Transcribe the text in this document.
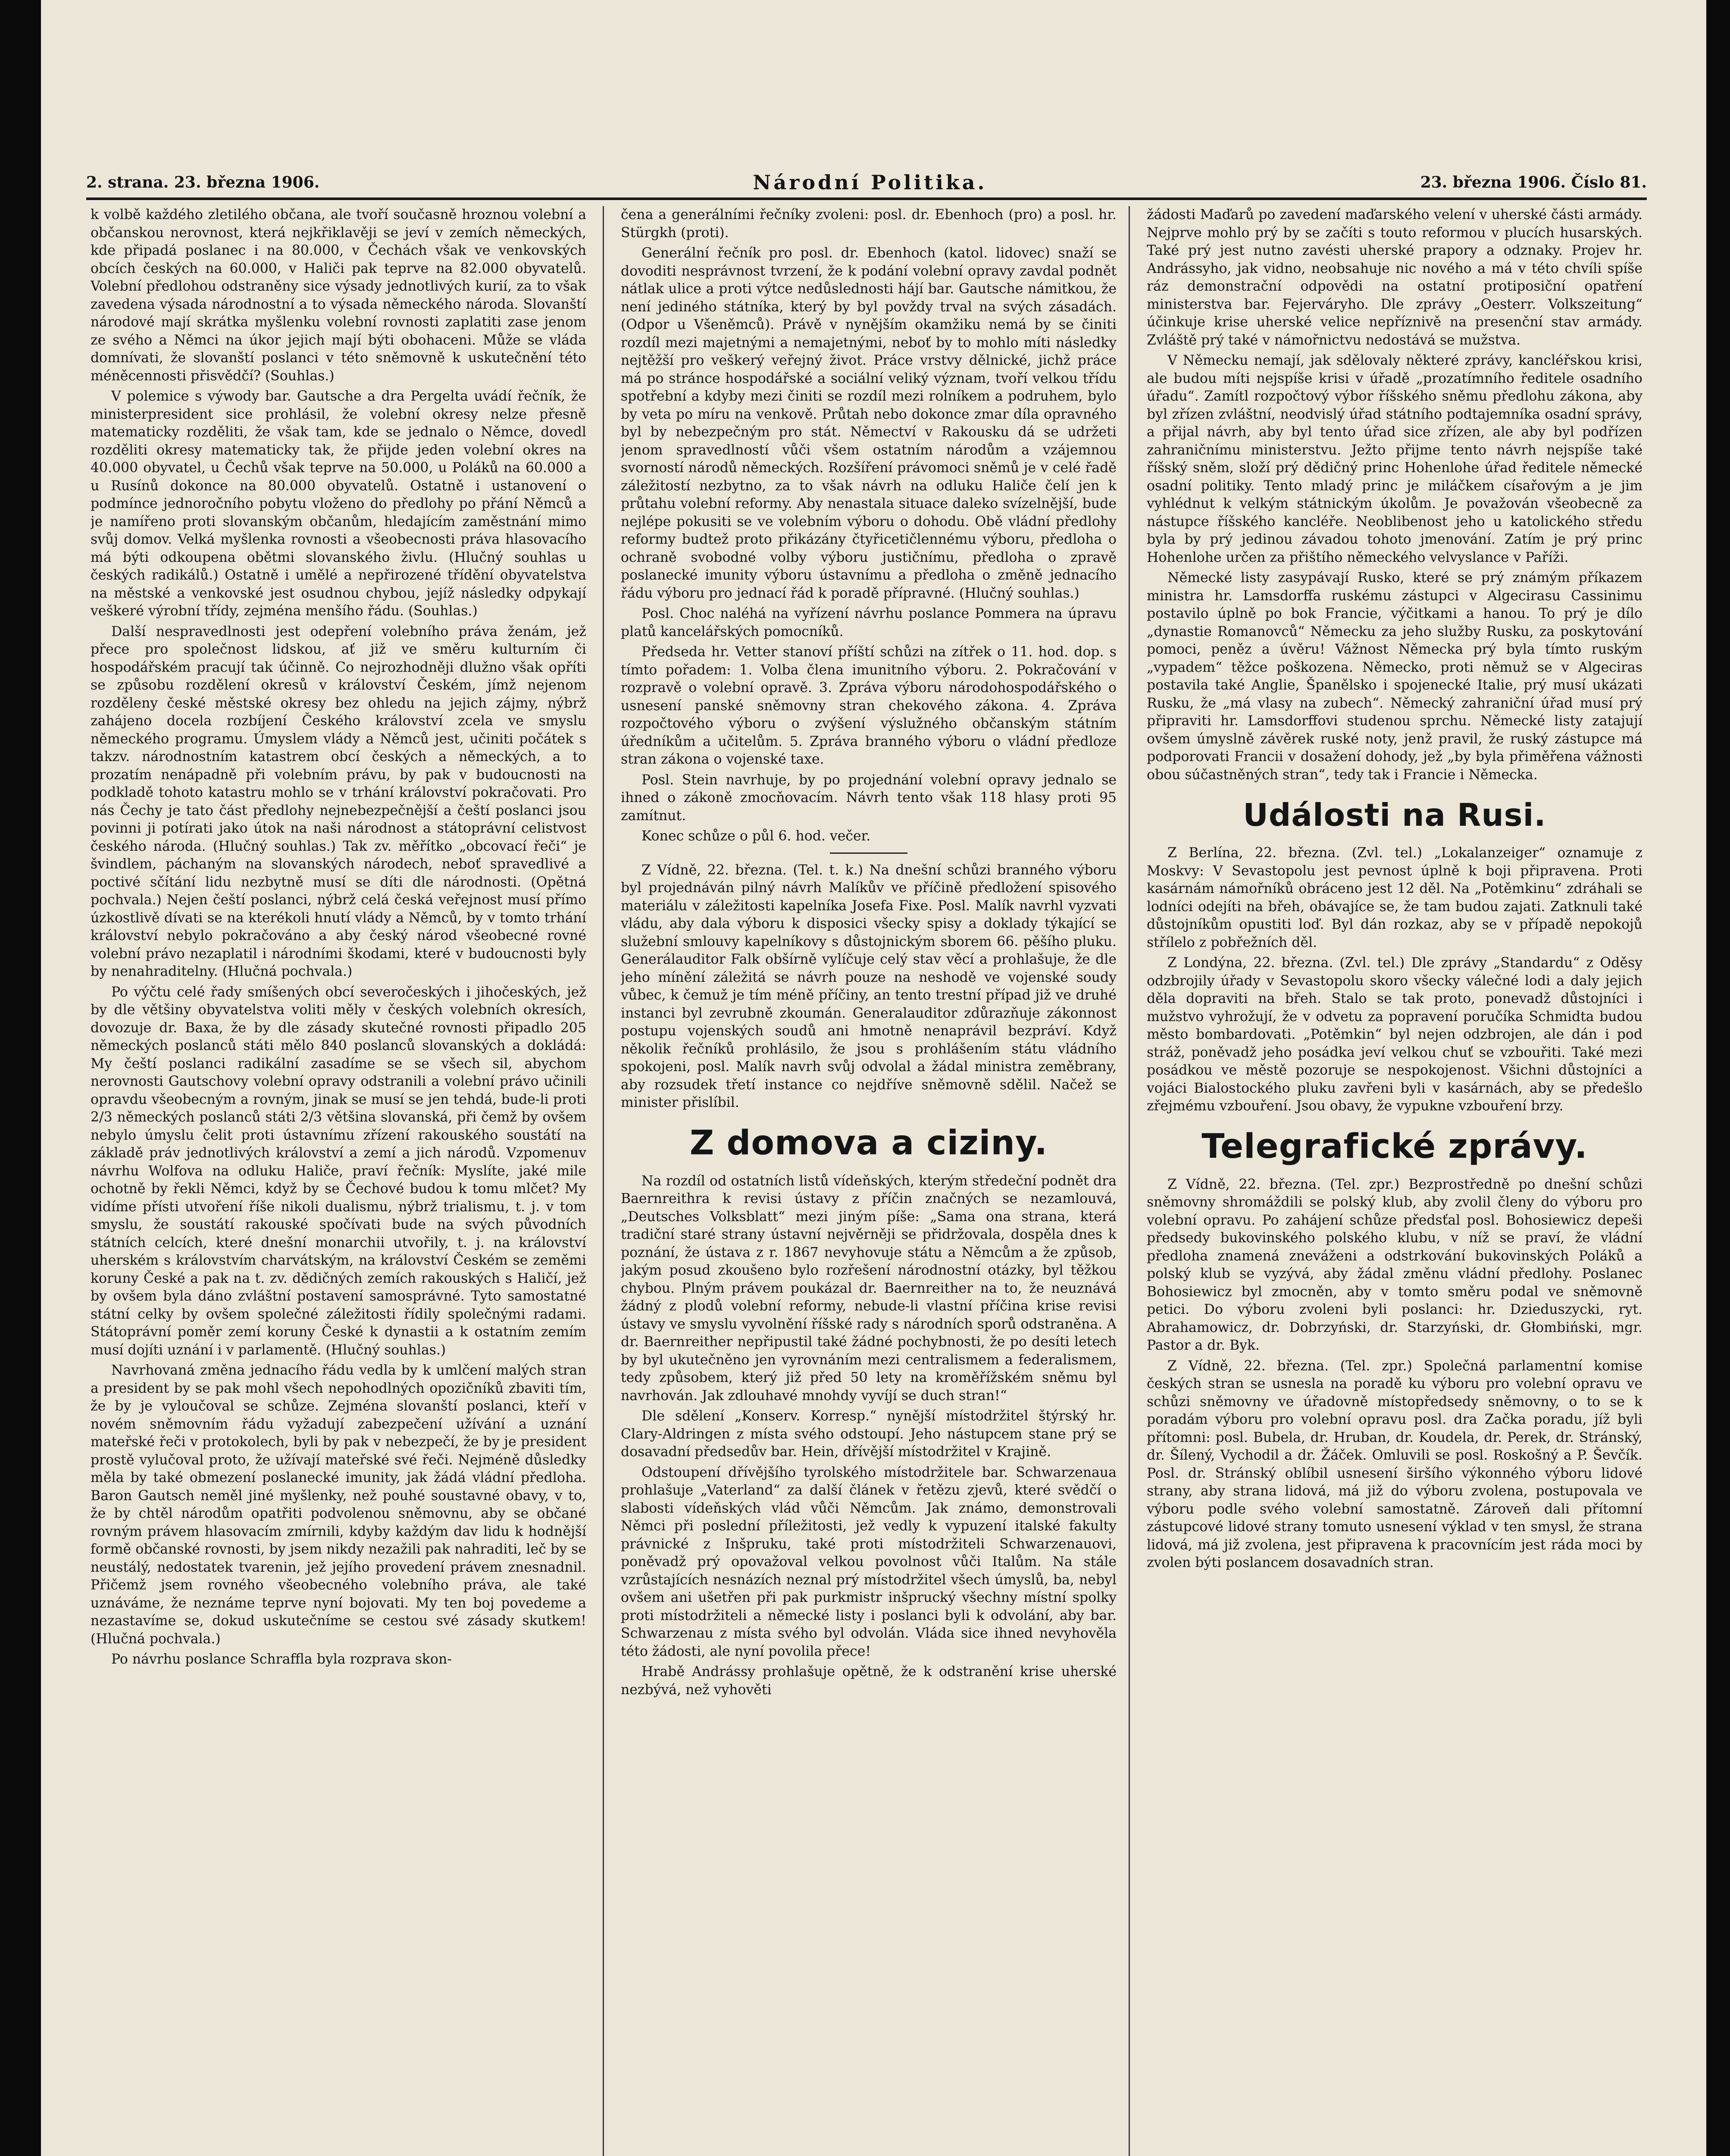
2. strana. 23. března 1906.	Národní Politika.	23. března 1906. Číslo 81.

k volbě každého zletilého občana, ale tvoří současně hroznou volební a občanskou nerovnost, která nejkřiklavěji se jeví v zemích německých, kde připadá poslanec i na 80.000, v Čechách však ve venkovských obcích českých na 60.000, v Haliči pak teprve na 82.000 obyvatelů. Volební předlohou odstraněny sice výsady jednotlivých kurií, za to však zavedena výsada národnostní a to výsada německého národa. Slovanští národové mají skrátka myšlenku volební rovnosti zaplatiti zase jenom ze svého a Němci na úkor jejich mají býti obohaceni. Může se vláda domnívati, že slovanští poslanci v této sněmovně k uskutečnění této méněcennosti přisvědčí? (Souhlas.)

V polemice s výwody bar. Gautsche a dra Pergelta uvádí řečník, že ministerpresident sice prohlásil, že volební okresy nelze přesně matematicky rozděliti, že však tam, kde se jednalo o Němce, dovedl rozděliti okresy matematicky tak, že přijde jeden volební okres na 40.000 obyvatel, u Čechů však teprve na 50.000, u Poláků na 60.000 a u Rusínů dokonce na 80.000 obyvatelů. Ostatně i ustanovení o podmínce jednoročního pobytu vloženo do předlohy po přání Němců a je namířeno proti slovanským občanům, hledajícím zaměstnání mimo svůj domov. Velká myšlenka rovnosti a všeobecnosti práva hlasovacího má býti odkoupena obětmi slovanského živlu. (Hlučný souhlas u českých radikálů.) Ostatně i umělé a nepřirozené třídění obyvatelstva na městské a venkovské jest osudnou chybou, jejíž následky odpykají veškeré výrobní třídy, zejména menšího řádu. (Souhlas.)

Další nespravedlnosti jest odepření volebního práva ženám, jež přece pro společnost lidskou, ať již ve směru kulturním či hospodářském pracují tak účinně. Co nejrozhodněji dlužno však opříti se způsobu rozdělení okresů v království Českém, jímž nejenom rozděleny české městské okresy bez ohledu na jejich zájmy, nýbrž zahájeno docela rozbíjení Českého království zcela ve smyslu německého programu. Úmyslem vlády a Němců jest, učiniti počátek s takzv. národnostním katastrem obcí českých a německých, a to prozatím nenápadně při volebním právu, by pak v budoucnosti na podkladě tohoto katastru mohlo se v trhání království pokračovati. Pro nás Čechy je tato část předlohy nejnebezpečnější a čeští poslanci jsou povinni ji potírati jako útok na naši národnost a státoprávní celistvost českého národa. (Hlučný souhlas.) Tak zv. měřítko „obcovací řeči“ je švindlem, páchaným na slovanských národech, neboť spravedlivé a poctivé sčítání lidu nezbytně musí se díti dle národnosti. (Opětná pochvala.) Nejen čeští poslanci, nýbrž celá česká veřejnost musí přímo úzkostlivě dívati se na kterékoli hnutí vlády a Němců, by v tomto trhání království nebylo pokračováno a aby český národ všeobecné rovné volební právo nezaplatil i národními škodami, které v budoucnosti byly by nenahraditelny. (Hlučná pochvala.)

Po výčtu celé řady smíšených obcí severočeských i jihočeských, jež by dle většiny obyvatelstva voliti měly v českých volebních okresích, dovozuje dr. Baxa, že by dle zásady skutečné rovnosti připadlo 205 německých poslanců státi mělo 840 poslanců slovanských a dokládá: My čeští poslanci radikální zasadíme se se všech sil, abychom nerovnosti Gautschovy volební opravy odstranili a volební právo učinili opravdu všeobecným a rovným, jinak se musí se jen tehdá, bude-li proti 2/3 německých poslanců státi 2/3 většina slovanská, při čemž by ovšem nebylo úmyslu čelit proti ústavnímu zřízení rakouského soustátí na základě práv jednotlivých království a zemí a jich národů. Vzpomenuv návrhu Wolfova na odluku Haliče, praví řečník: Myslíte, jaké mile ochotně by řekli Němci, když by se Čechové budou k tomu mlčet? My vidíme přísti utvoření říše nikoli dualismu, nýbrž trialismu, t. j. v tom smyslu, že soustátí rakouské spočívati bude na svých původních státních celcích, které dnešní monarchii utvořily, t. j. na království uherském s královstvím charvátským, na království Českém se zeměmi koruny České a pak na t. zv. dědičných zemích rakouských s Haličí, jež by ovšem byla dáno zvláštní postavení samosprávné. Tyto samostatné státní celky by ovšem společné záležitosti řídily společnými radami. Státoprávní poměr zemí koruny České k dynastii a k ostatním zemím musí dojíti uznání i v parlamentě. (Hlučný souhlas.)

Navrhovaná změna jednacího řádu vedla by k umlčení malých stran a president by se pak mohl všech nepohodlných opozičníků zbaviti tím, že by je vyloučoval se schůze. Zejména slovanští poslanci, kteří v novém sněmovním řádu vyžadují zabezpečení užívání a uznání mateřské řeči v protokolech, byli by pak v nebezpečí, že by je president prostě vylučoval proto, že užívají mateřské své řeči. Nejméně důsledky měla by také obmezení poslanecké imunity, jak žádá vládní předloha. Baron Gautsch neměl jiné myšlenky, než pouhé soustavné obavy, v to, že by chtěl národům opatřiti podvolenou sněmovnu, aby se občané rovným právem hlasovacím zmírnili, kdyby každým dav lidu k hodnější formě občanské rovnosti, by jsem nikdy nezažili pak nahraditi, leč by se neustálý, nedostatek tvarenin, jež jejího provedení právem znesnadnil. Přičemž jsem rovného všeobecného volebního práva, ale také uznáváme, že neznáme teprve nyní bojovati. My ten boj povedeme a nezastavíme se, dokud uskutečníme se cestou své zásady skutkem! (Hlučná pochvala.)

Po návrhu poslance Schraffla byla rozprava skon-

čena a generálními řečníky zvoleni: posl. dr. Ebenhoch (pro) a posl. hr. Stürgkh (proti).

Generální řečník pro posl. dr. Ebenhoch (katol. lidovec) snaží se dovoditi nesprávnost tvrzení, že k podání volební opravy zavdal podnět nátlak ulice a proti výtce nedůslednosti hájí bar. Gautsche námitkou, že není jediného státníka, který by byl povždy trval na svých zásadách. (Odpor u Všeněmců). Právě v nynějším okamžiku nemá by se činiti rozdíl mezi majetnými a nemajetnými, neboť by to mohlo míti následky nejtěžší pro veškerý veřejný život. Práce vrstvy dělnické, jichž práce má po stránce hospodářské a sociální veliký význam, tvoří velkou třídu spotřební a kdyby mezi činiti se rozdíl mezi rolníkem a podruhem, bylo by veta po míru na venkově. Průtah nebo dokonce zmar díla opravného byl by nebezpečným pro stát. Němectví v Rakousku dá se udržeti jenom spravedlností vůči všem ostatním národům a vzájemnou svorností národů německých. Rozšíření právomoci sněmů je v celé řadě záležitostí nezbytno, za to však návrh na odluku Haliče čelí jen k průtahu volební reformy. Aby nenastala situace daleko svízelnější, bude nejlépe pokusiti se ve volebním výboru o dohodu. Obě vládní předlohy reformy budtež proto přikázány čtyřicetičlennému výboru, předloha o ochraně svobodné volby výboru justičnímu, předloha o zpravě poslanecké imunity výboru ústavnímu a předloha o změně jednacího řádu výboru pro jednací řád k poradě přípravné. (Hlučný souhlas.)

Posl. Choc naléhá na vyřízení návrhu poslance Pommera na úpravu platů kancelářských pomocníků.

Předseda hr. Vetter stanoví příští schůzi na zítřek o 11. hod. dop. s tímto pořadem: 1. Volba člena imunitního výboru. 2. Pokračování v rozpravě o volební opravě. 3. Zpráva výboru národohospodářského o usnesení panské sněmovny stran chekového zákona. 4. Zpráva rozpočtového výboru o zvýšení výslužného občanským státním úředníkům a učitelům. 5. Zpráva branného výboru o vládní předloze stran zákona o vojenské taxe.

Posl. Stein navrhuje, by po projednání volební opravy jednalo se ihned o zákoně zmocňovacím. Návrh tento však 118 hlasy proti 95 zamítnut.

Konec schůze o půl 6. hod. večer.

Z Vídně, 22. března. (Tel. t. k.) Na dnešní schůzi branného výboru byl projednáván pilný návrh Malíkův ve příčině předložení spisového materiálu v záležitosti kapelníka Josefa Fixe. Posl. Malík navrhl vyzvati vládu, aby dala výboru k disposici všecky spisy a doklady týkající se služební smlouvy kapelníkovy s důstojnickým sborem 66. pěšího pluku. Generálauditor Falk obšírně vylíčuje celý stav věcí a prohlašuje, že dle jeho mínění záležitá se návrh pouze na neshodě ve vojenské soudy vůbec, k čemuž je tím méně příčiny, an tento trestní případ již ve druhé instanci byl zevrubně zkoumán. Generalauditor zdůrazňuje zákonnost postupu vojenských soudů ani hmotně nenaprávil bezpráví. Když několik řečníků prohlásilo, že jsou s prohlášením státu vládního spokojeni, posl. Malík navrh svůj odvolal a žádal ministra zeměbrany, aby rozsudek třetí instance co nejdříve sněmovně sdělil. Načež se minister přislíbil.

Z domova a ciziny.

Na rozdíl od ostatních listů vídeňských, kterým středeční podnět dra Baernreithra k revisi ústavy z příčin značných se nezamlouvá, „Deutsches Volksblatt“ mezi jiným píše: „Sama ona strana, která tradiční staré strany ústavní nejvěrněji se přidržovala, dospěla dnes k poznání, že ústava z r. 1867 nevyhovuje státu a Němcům a že způsob, jakým posud zkoušeno bylo rozřešení národnostní otázky, byl těžkou chybou. Plným právem poukázal dr. Baernreither na to, že neuznává žádný z plodů volební reformy, nebude-li vlastní příčina krise revisi ústavy ve smyslu vyvolnění říšské rady s národních sporů odstraněna. A dr. Baernreither nepřipustil také žádné pochybnosti, že po desíti letech by byl ukutečněno jen vyrovnáním mezi centralismem a federalismem, tedy způsobem, který již před 50 lety na kroměřížském sněmu byl navrhován. Jak zdlouhavé mnohdy vyvíjí se duch stran!“

Dle sdělení „Konserv. Korresp.“ nynější místodržitel štýrský hr. Clary-Aldringen z místa svého odstoupí. Jeho nástupcem stane prý se dosavadní předsedův bar. Hein, dřívější místodržitel v Krajině.

Odstoupení dřívějšího tyrolského místodržitele bar. Schwarzenaua prohlašuje „Vaterland“ za další článek v řetězu zjevů, které svědčí o slabosti vídeňských vlád vůči Němcům. Jak známo, demonstrovali Němci při poslední příležitosti, jež vedly k vypuzení italské fakulty právnické z Inšpruku, také proti místodržiteli Schwarzenauovi, poněvadž prý opovažoval velkou povolnost vůči Italům. Na stále vzrůstajících nesnázích neznal prý místodržitel všech úmyslů, ba, nebyl ovšem ani ušetřen při pak purkmistr inšprucký všechny místní spolky proti místodržiteli a německé listy i poslanci byli k odvolání, aby bar. Schwarzenau z místa svého byl odvolán. Vláda sice ihned nevyhověla této žádosti, ale nyní povolila přece!

Hrabě Andrássy prohlašuje opětně, že k odstranění krise uherské nezbývá, než vyhověti

žádosti Maďarů po zavedení maďarského velení v uherské části armády. Nejprve mohlo prý by se začíti s touto reformou v plucích husarských. Také prý jest nutno zavésti uherské prapory a odznaky. Projev hr. Andrássyho, jak vidno, neobsahuje nic nového a má v této chvíli spíše ráz demonstrační odpovědi na ostatní protiposiční opatření ministerstva bar. Fejerváryho. Dle zprávy „Oesterr. Volkszeitung“ účinkuje krise uherské velice nepříznivě na presenční stav armády. Zvláště prý také v námořnictvu nedostává se mužstva.

V Německu nemají, jak sdělovaly některé zprávy, kancléřskou krisi, ale budou míti nejspíše krisi v úřadě „prozatímního ředitele osadního úřadu“. Zamítl rozpočtový výbor říšského sněmu předlohu zákona, aby byl zřízen zvláštní, neodvislý úřad státního podtajemníka osadní správy, a přijal návrh, aby byl tento úřad sice zřízen, ale aby byl podřízen zahraničnímu ministerstvu. Ježto přijme tento návrh nejspíše také říšský sněm, složí prý dědičný princ Hohenlohe úřad ředitele německé osadní politiky. Tento mladý princ je miláčkem císařovým a je jim vyhlédnut k velkým státnickým úkolům. Je považován všeobecně za nástupce říšského kancléře. Neoblibenost jeho u katolického středu byla by prý jedinou závadou tohoto jmenování. Zatím je prý princ Hohenlohe určen za přištího německého velvyslance v Paříži.

Německé listy zasypávají Rusko, které se prý známým příkazem ministra hr. Lamsdorffa ruskému zástupci v Algecirasu Cassinimu postavilo úplně po bok Francie, výčitkami a hanou. To prý je dílo „dynastie Romanovců“ Německu za jeho služby Rusku, za poskytování pomoci, peněz a úvěru! Vážnost Německa prý byla tímto ruským „vypadem“ těžce poškozena. Německo, proti němuž se v Algeciras postavila také Anglie, Španělsko i spojenecké Italie, prý musí ukázati Rusku, že „má vlasy na zubech“. Německý zahraniční úřad musí prý připraviti hr. Lamsdorffovi studenou sprchu. Německé listy zatajují ovšem úmyslně závěrek ruské noty, jenž pravil, že ruský zástupce má podporovati Francii v dosažení dohody, jež „by byla přiměřena vážnosti obou súčastněných stran“, tedy tak i Francie i Německa.

Události na Rusi.

Z Berlína, 22. března. (Zvl. tel.) „Lokalanzeiger“ oznamuje z Moskvy: V Sevastopolu jest pevnost úplně k boji připravena. Proti kasárnám námořníků obráceno jest 12 děl. Na „Potěmkinu“ zdráhali se lodníci odejíti na břeh, obávajíce se, že tam budou zajati. Zatknuli také důstojníkům opustiti loď. Byl dán rozkaz, aby se v případě nepokojů střílelo z pobřežních děl.

Z Londýna, 22. března. (Zvl. tel.) Dle zprávy „Standardu“ z Oděsy odzbrojily úřady v Sevastopolu skoro všecky válečné lodi a daly jejich děla dopraviti na břeh. Stalo se tak proto, ponevadž důstojníci i mužstvo vyhrožují, že v odvetu za popravení poručíka Schmidta budou město bombardovati. „Potěmkin“ byl nejen odzbrojen, ale dán i pod stráž, poněvadž jeho posádka jeví velkou chuť se vzbouřiti. Také mezi posádkou ve městě pozoruje se nespokojenost. Všichni důstojníci a vojáci Bialostockého pluku zavřeni byli v kasárnách, aby se předešlo zřejmému vzbouření. Jsou obavy, že vypukne vzbouření brzy.

Telegrafické zprávy.

Z Vídně, 22. března. (Tel. zpr.) Bezprostředně po dnešní schůzi sněmovny shromáždili se polský klub, aby zvolil členy do výboru pro volební opravu. Po zahájení schůze předsťal posl. Bohosiewicz depeši předsedy bukovinského polského klubu, v níž se praví, že vládní předloha znamená zneváženi a odstrkování bukovinských Poláků a polský klub se vyzývá, aby žádal změnu vládní předlohy. Poslanec Bohosiewicz byl zmocněn, aby v tomto směru podal ve sněmovně petici. Do výboru zvoleni byli poslanci: hr. Dzieduszycki, ryt. Abrahamowicz, dr. Dobrzyński, dr. Starzyński, dr. Głombiński, mgr. Pastor a dr. Byk.

Z Vídně, 22. března. (Tel. zpr.) Společná parlamentní komise českých stran se usnesla na poradě ku výboru pro volební opravu ve schůzi sněmovny ve úřadovně místopředsedy sněmovny, o to se k poradám výboru pro volební opravu posl. dra Začka poradu, jíž byli přítomni: posl. Bubela, dr. Hruban, dr. Koudela, dr. Perek, dr. Stránský, dr. Šílený, Vychodil a dr. Žáček. Omluvili se posl. Roskošný a P. Ševčík. Posl. dr. Stránský oblíbil usnesení širšího výkonného výboru lidové strany, aby strana lidová, má již do výboru zvolena, postupovala ve výboru podle svého volební samostatně. Zároveň dali přítomní zástupcové lidové strany tomuto usnesení výklad v ten smysl, že strana lidová, má již zvolena, jest připravena k pracovnícím jest ráda moci by zvolen býti poslancem dosavadních stran.
